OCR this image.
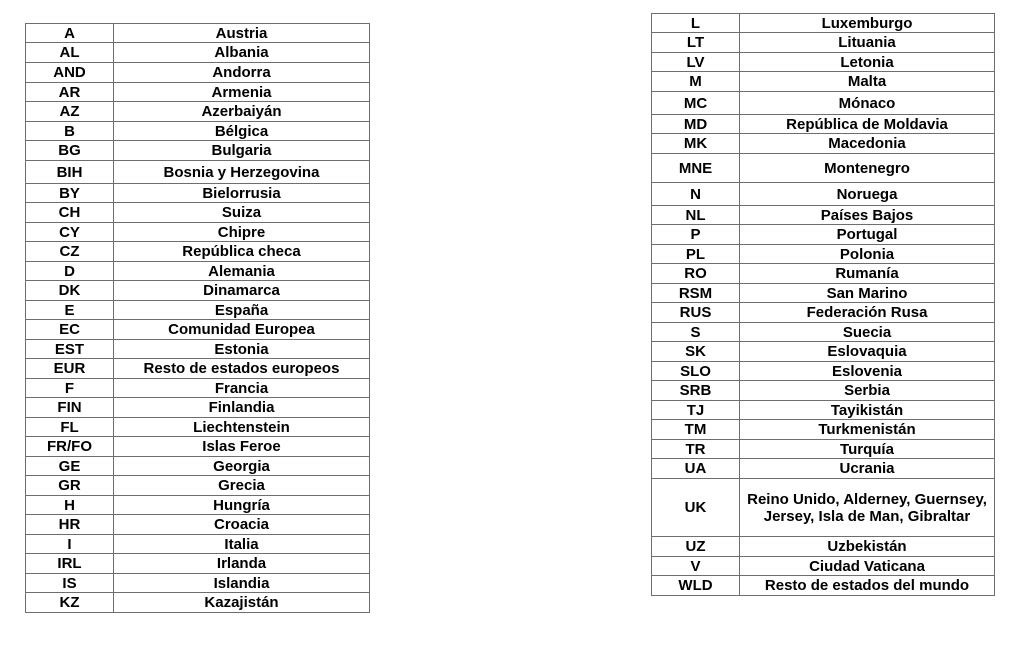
A	Austria
AL	Albania
AND	Andorra
AR	Armenia
AZ	Azerbaiyán
B	Bélgica
BG	Bulgaria
BIH	Bosnia y Herzegovina
BY	Bielorrusia
CH	Suiza
CY	Chipre
CZ	República checa
D	Alemania
DK	Dinamarca
E	España
EC	Comunidad Europea
EST	Estonia
EUR	Resto de estados europeos
F	Francia
FIN	Finlandia
FL	Liechtenstein
FR/FO	Islas Feroe
GE	Georgia
GR	Grecia
H	Hungría
HR	Croacia
I	Italia
IRL	Irlanda
IS	Islandia
KZ	Kazajistán
L	Luxemburgo
LT	Lituania
LV	Letonia
M	Malta
MC	Mónaco
MD	República de Moldavia
MK	Macedonia
MNE	Montenegro
N	Noruega
NL	Países Bajos
P	Portugal
PL	Polonia
RO	Rumanía
RSM	San Marino
RUS	Federación Rusa
S	Suecia
SK	Eslovaquia
SLO	Eslovenia
SRB	Serbia
TJ	Tayikistán
TM	Turkmenistán
TR	Turquía
UA	Ucrania
UK	Reino Unido, Alderney, Guernsey, Jersey, Isla de Man, Gibraltar
UZ	Uzbekistán
V	Ciudad Vaticana
WLD	Resto de estados del mundo
